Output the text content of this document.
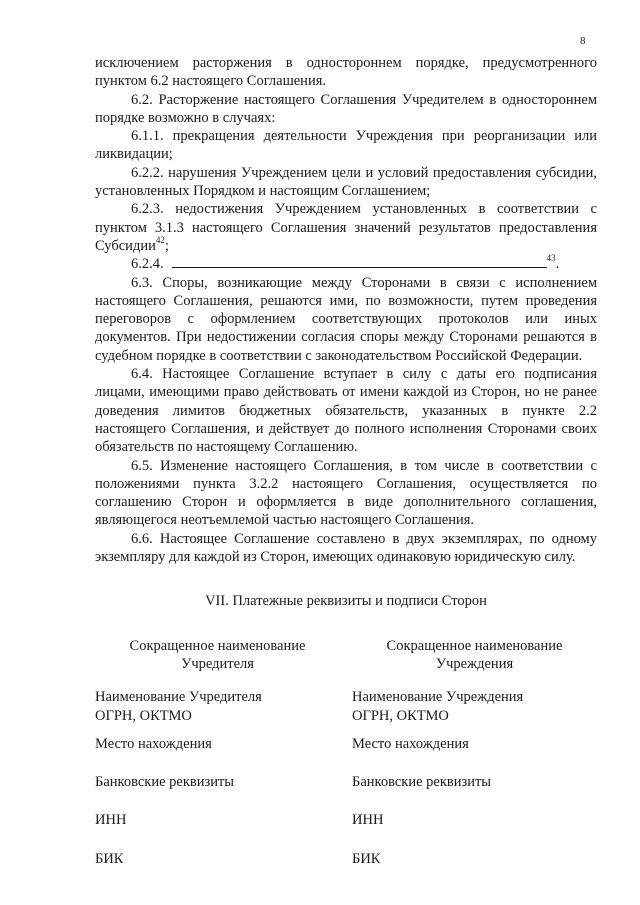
8

исключением расторжения в одностороннем порядке, предусмотренного пунктом 6.2 настоящего Соглашения.

6.2. Расторжение настоящего Соглашения Учредителем в одностороннем порядке возможно в случаях:

6.1.1. прекращения деятельности Учреждения при реорганизации или ликвидации;

6.2.2. нарушения Учреждением цели и условий предоставления субсидии, установленных Порядком и настоящим Соглашением;

6.2.3. недостижения Учреждением установленных в соответствии с пунктом 3.1.3 настоящего Соглашения значений результатов предоставления Субсидии$^{42}$;

6.2.4.	$^{43}$.

6.3. Споры, возникающие между Сторонами в связи с исполнением настоящего Соглашения, решаются ими, по возможности, путем проведения переговоров с оформлением соответствующих протоколов или иных документов. При недостижении согласия споры между Сторонами решаются в судебном порядке в соответствии с законодательством Российской Федерации.

6.4. Настоящее Соглашение вступает в силу с даты его подписания лицами, имеющими право действовать от имени каждой из Сторон, но не ранее доведения лимитов бюджетных обязательств, указанных в пункте 2.2 настоящего Соглашения, и действует до полного исполнения Сторонами своих обязательств по настоящему Соглашению.

6.5. Изменение настоящего Соглашения, в том числе в соответствии с положениями пункта 3.2.2 настоящего Соглашения, осуществляется по соглашению Сторон и оформляется в виде дополнительного соглашения, являющегося неотъемлемой частью настоящего Соглашения.

6.6. Настоящее Соглашение составлено в двух экземплярах, по одному экземпляру для каждой из Сторон, имеющих одинаковую юридическую силу.

VII. Платежные реквизиты и подписи Сторон

Сокращенное наименование
Учредителя
Наименование Учредителя
ОГРН, ОКТМО
Место нахождения
Банковские реквизиты
ИНН
БИК
Сокращенное наименование
Учреждения
Наименование Учреждения
ОГРН, ОКТМО
Место нахождения
Банковские реквизиты
ИНН
БИК
